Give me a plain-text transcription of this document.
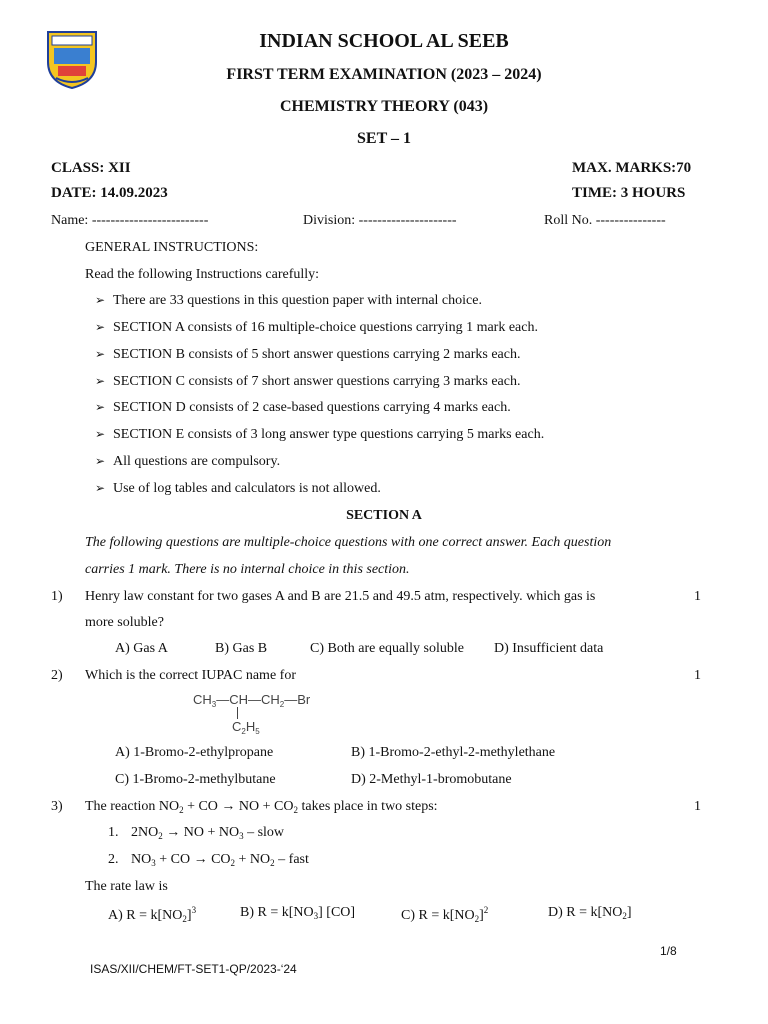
INDIAN SCHOOL AL SEEB
FIRST TERM EXAMINATION (2023 – 2024)
CHEMISTRY THEORY (043)
SET – 1
CLASS: XII	MAX. MARKS:70
DATE: 14.09.2023	TIME: 3 HOURS
Name: -------------------------	Division: ---------------------	Roll No. ---------------
GENERAL INSTRUCTIONS:
Read the following Instructions carefully:
➢ There are 33 questions in this question paper with internal choice.
➢ SECTION A consists of 16 multiple-choice questions carrying 1 mark each.
➢ SECTION B consists of 5 short answer questions carrying 2 marks each.
➢ SECTION C consists of 7 short answer questions carrying 3 marks each.
➢ SECTION D consists of 2 case-based questions carrying 4 marks each.
➢ SECTION E consists of 3 long answer type questions carrying 5 marks each.
➢ All questions are compulsory.
➢ Use of log tables and calculators is not allowed.
SECTION A
The following questions are multiple-choice questions with one correct answer. Each question
carries 1 mark. There is no internal choice in this section.
1) Henry law constant for two gases A and B are 21.5 and 49.5 atm, respectively. which gas is	1
more soluble?
A) Gas A	B) Gas B	C) Both are equally soluble D) Insufficient data
2) Which is the correct IUPAC name for	1
$CH_3—CH—CH_2—Br$
$C_2H_5$
A) 1-Bromo-2-ethylpropane	B) 1-Bromo-2-ethyl-2-methylethane
C) 1-Bromo-2-methylbutane	D) 2-Methyl-1-bromobutane
3) The reaction $NO_2$ + CO → NO + $CO_2$ takes place in two steps:	1
1. $2NO_2$ → NO + $NO_3$ – slow
2. $NO_3$ + CO → $CO_2 + NO_2$ – fast
The rate law is
A) $R = k[NO_2]^3$	B) $R = k[NO_3]$ [CO]	C) $R = k[NO_2]^2$	D) $R = k[NO_2]$
1/8
ISAS/XII/CHEM/FT-SET1-QP/2023-‘24
